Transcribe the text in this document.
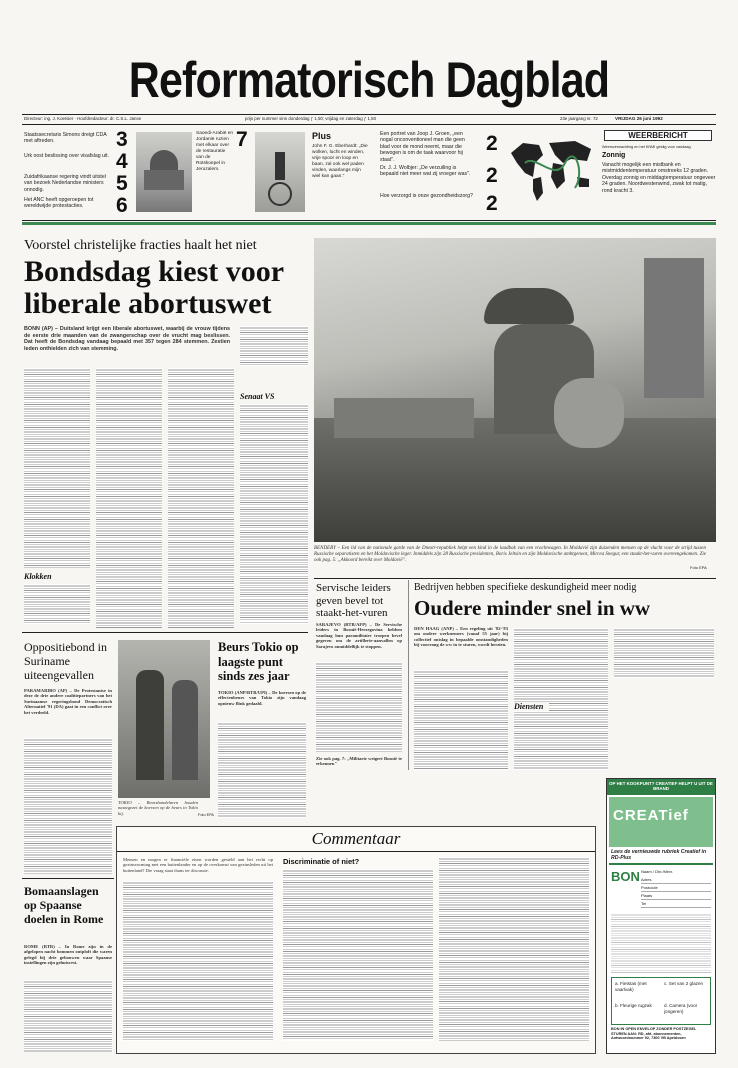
Reformatorisch Dagblad
Directeur: ing. J. Koetsier · Hoofdredacteur: dr. C.S.L. Janse	prijs per nummer sinn donderdag ƒ 1,50; vrijdag en zaterdag ƒ 1,50	23e jaargang nr. 72	VRIJDAG 26 juni 1992
Staatssecretaris Simons dreigt CDA met aftreden.	3
Urk oost beslissing over visafslag uit. 4
Zuidafrikaanse regering vindt uitstel van bezoek Nederlandse ministers onnodig.	5
Het ANC heeft opgeroepen tot wereldwijde protestacties.	6
Saoedi-Arabië en Jordanië ruzien met elkaar over de restauratie van de Rotskoepel in Jeruzalem.
7	Plus
John F. G. Eberhardt: „Die wolken, lucht en winden, vrije spoor en loop en baan, zal ook wel paden vinden, waarlangs mijn wiel kan gaan."
Een portret van Joop J. Groen, „een nogal onconventioneel man die geen blad voor de mond neemt, maar die bewogen is om de taak waarvoor hij staat".
2
Dr. J. J. Wolbjer: „De verzuiling is bepaald niet meer wat zij vroeger was". 2
Hoe verzorgd is onze gezondheidszorg? 2
WEERBERICHT
Weersverwachting en het KNMI geldig voor vandaag
Zonnig
Vanacht mogelijk een mistbank en mistmiddentemperatuur omstreeks 12 graden. Overdag zonnig en middagtemperatuur ongeveer 24 graden. Noordwestenwind, zwak tot matig, rond kracht 3.
Voorstel christelijke fracties haalt het niet
Bondsdag kiest voor liberale abortuswet
BONN (AP) – Duitsland krijgt een liberale abortuswet, waarbij de vrouw tijdens de eerste drie maanden van de zwangerschap over de vrucht mag beslissen. Dat heeft de Bondsdag vandaag bepaald met 357 tegen 284 stemmen. Zestien leden onthielden zich van stemming.
Klokken
Senaat VS
BENDERY – Een lid van de nationale garde van de Dnestr-republiek helpt een kind in de laadbak van een vrachtwagen. In Moldavië zijn duizenden mensen op de vlucht voor de strijd tussen Russische separatisten en het Moldavische leger. Inmiddels zijn 28 Russische presidenten, Boris Jeltsin en zijn Moldavische ambtgenoot, Mircea Snegur, een staakt-het-vuren overeengekomen. Zie ook pag. 5: „Akkoord bereikt over Moldavië".
Foto EPA
Servische leiders geven bevel tot staakt-het-vuren
SARAJEVO (RTR/AFP) – De Servische leiders in Bosnië-Herzegovina hebben vandaag hun paramilitaire troepen bevel gegeven om de artillerie-aanvallen op Sarajevo onmiddellijk te stoppen.
Zie ook pag. 7: „Militarie weigert Bosnië te erkennen"
Bedrijven hebben specifieke deskundigheid meer nodig
Oudere minder snel in ww
DEN HAAG (ANP) – Een regeling uit '82-'83 om oudere werknemers (vanaf 55 jaar) bij collectief ontslag in bepaalde omstandigheden bij voorrang de ww in te sturen, wordt herzien.
Diensten
Oppositiebond in Suriname uiteengevallen
PARAMARIBO (AP) – De Protestantse in deze de drie andere coalitiepartners van het Surinaamse regeringsbond Democratisch Alternatief '91 (DA) gaat in een conflict over het verdeeld.
TOKIO – Beurshandelaren houden nauwgezet de koersen op de beurs in Tokio bij.	Foto EPA
Beurs Tokio op laagste punt sinds zes jaar
TOKIO (ANP/RTR/UPI) – De koersen op de effectenbeurs van Tokio zijn vandaag opnieuw flink gedaald.
Bomaanslagen op Spaanse doelen in Rome
ROME (RTR) – In Rome zijn in de afgelopen nacht bommen ontploft die waren gelegd bij drie gebouwen waar Spaanse instellingen zijn gehuisvest.
Commentaar
Mensen en mogen er financiële eisen worden gesteld aan het recht op gezinsvorming met een buitenlander en op de overkomst van gezinsleden uit het buitenland? Die vraag staat thans ter discussie.
Discriminatie of niet?
OP HET KOOKPUNT? CREATIEF HELPT U UIT DE BRAND
CREATief
Lees de vernieuwde rubriek Creatief in RD-Plus
BON Naam / Dhr./Mevr.
Adres
Postcode
Plaats
Tel
a. Fietstas (met vaarlvak)
b. Fleurige rugzak
c. Set van 2 glazen
d. Camera (voor jongeren)
BON IN OPEN ENVELOP ZONDER POSTZEGEL STUREN AAN: RD, afd. abonnementen, Antwoordnummer 92, 7300 VB Apeldoorn
